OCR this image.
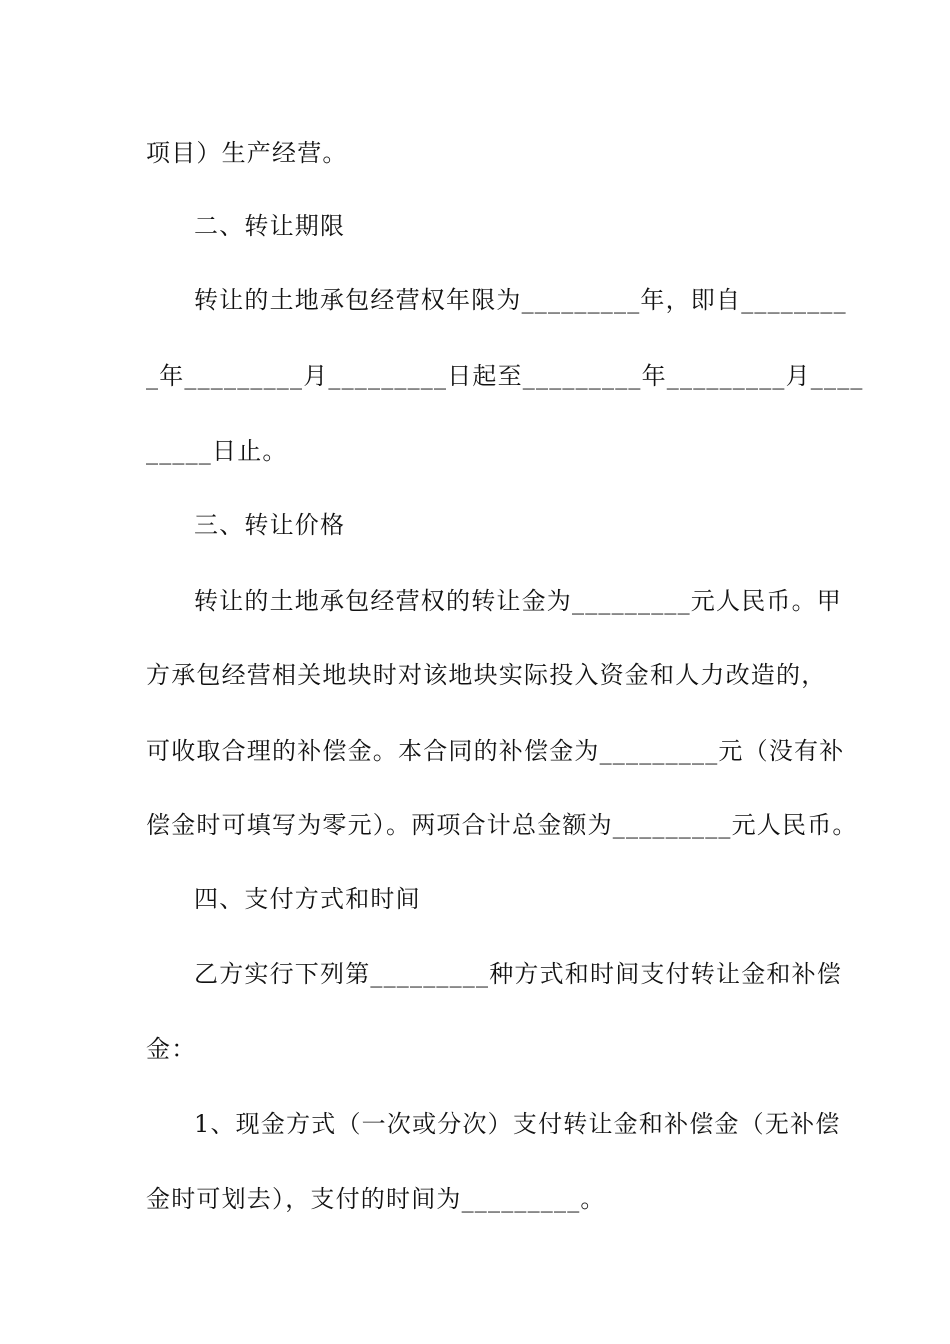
项目）生产经营。
二、转让期限
转让的土地承包经营权年限为_________年，即自________
_年_________月_________日起至_________年_________月____
_____日止。
三、转让价格
转让的土地承包经营权的转让金为_________元人民币。甲
方承包经营相关地块时对该地块实际投入资金和人力改造的，
可收取合理的补偿金。本合同的补偿金为_________元（没有补
偿金时可填写为零元）。两项合计总金额为_________元人民币。
四、支付方式和时间
乙方实行下列第_________种方式和时间支付转让金和补偿
金：
1、现金方式（一次或分次）支付转让金和补偿金（无补偿
金时可划去），支付的时间为_________。
